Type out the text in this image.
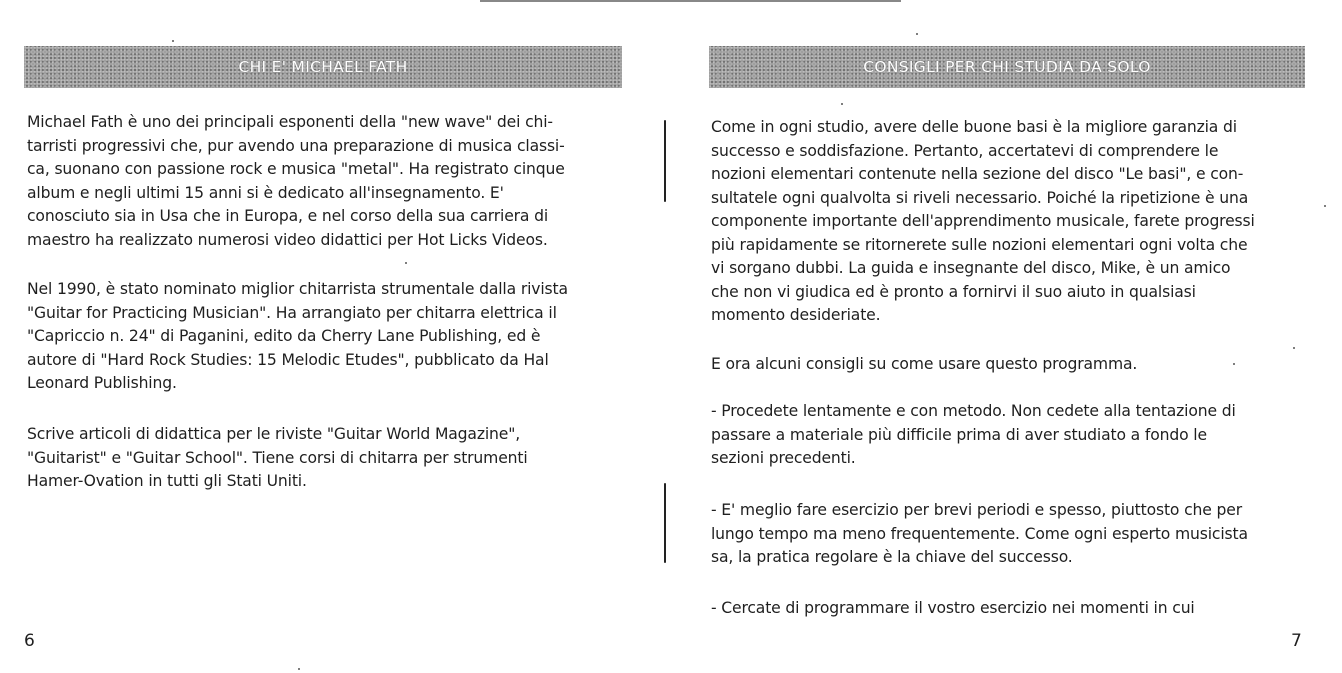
CHI E' MICHAEL FATH

Michael Fath è uno dei principali esponenti della "new wave" dei chi-
tarristi progressivi che, pur avendo una preparazione di musica classi-
ca, suonano con passione rock e musica "metal". Ha registrato cinque
album e negli ultimi 15 anni si è dedicato all'insegnamento. E'
conosciuto sia in Usa che in Europa, e nel corso della sua carriera di
maestro ha realizzato numerosi video didattici per Hot Licks Videos.

Nel 1990, è stato nominato miglior chitarrista strumentale dalla rivista
"Guitar for Practicing Musician". Ha arrangiato per chitarra elettrica il
"Capriccio n. 24" di Paganini, edito da Cherry Lane Publishing, ed è
autore di "Hard Rock Studies: 15 Melodic Etudes", pubblicato da Hal
Leonard Publishing.

Scrive articoli di didattica per le riviste "Guitar World Magazine",
"Guitarist" e "Guitar School". Tiene corsi di chitarra per strumenti
Hamer-Ovation in tutti gli Stati Uniti.

6
CONSIGLI PER CHI STUDIA DA SOLO

Come in ogni studio, avere delle buone basi è la migliore garanzia di
successo e soddisfazione. Pertanto, accertatevi di comprendere le
nozioni elementari contenute nella sezione del disco "Le basi", e con-
sultatele ogni qualvolta si riveli necessario. Poiché la ripetizione è una
componente importante dell'apprendimento musicale, farete progressi
più rapidamente se ritornerete sulle nozioni elementari ogni volta che
vi sorgano dubbi. La guida e insegnante del disco, Mike, è un amico
che non vi giudica ed è pronto a fornirvi il suo aiuto in qualsiasi
momento desideriate.

E ora alcuni consigli su come usare questo programma.

- Procedete lentamente e con metodo. Non cedete alla tentazione di
passare a materiale più difficile prima di aver studiato a fondo le
sezioni precedenti.

- E' meglio fare esercizio per brevi periodi e spesso, piuttosto che per
lungo tempo ma meno frequentemente. Come ogni esperto musicista
sa, la pratica regolare è la chiave del successo.

- Cercate di programmare il vostro esercizio nei momenti in cui

7
